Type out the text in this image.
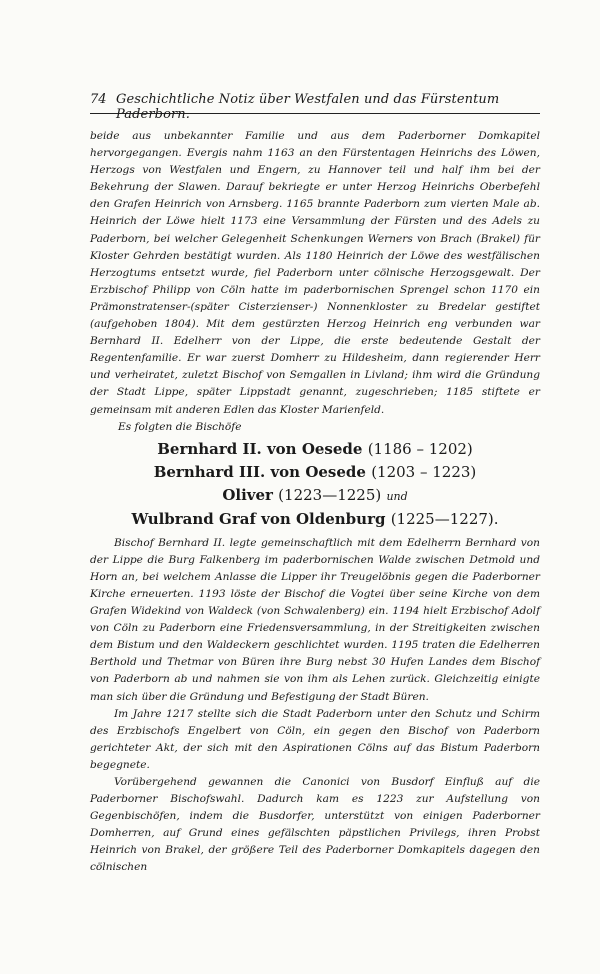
74 Geschichtliche Notiz über Westfalen und das Fürstentum Paderborn.

beide aus unbekannter Familie und aus dem Paderborner Domkapitel hervorgegangen. Evergis nahm 1163 an den Fürstentagen Heinrichs des Löwen, Herzogs von Westfalen und Engern, zu Hannover teil und half ihm bei der Bekehrung der Slawen. Darauf bekriegte er unter Herzog Heinrichs Oberbefehl den Grafen Heinrich von Arnsberg. 1165 brannte Paderborn zum vierten Male ab. Heinrich der Löwe hielt 1173 eine Versammlung der Fürsten und des Adels zu Paderborn, bei welcher Gelegenheit Schenkungen Werners von Brach (Brakel) für Kloster Gehrden bestätigt wurden. Als 1180 Heinrich der Löwe des westfälischen Herzogtums entsetzt wurde, fiel Paderborn unter cölnische Herzogsgewalt. Der Erzbischof Philipp von Cöln hatte im paderbornischen Sprengel schon 1170 ein Prämonstratenser-(später Cisterzienser-) Nonnenkloster zu Bredelar gestiftet (aufgehoben 1804). Mit dem gestürzten Herzog Heinrich eng verbunden war Bernhard II. Edelherr von der Lippe, die erste bedeutende Gestalt der Regentenfamilie. Er war zuerst Domherr zu Hildesheim, dann regierender Herr und verheiratet, zuletzt Bischof von Semgallen in Livland; ihm wird die Gründung der Stadt Lippe, später Lippstadt genannt, zugeschrieben; 1185 stiftete er gemeinsam mit anderen Edlen das Kloster Marienfeld.

Es folgten die Bischöfe

Bernhard II. von Oesede (1186 – 1202)
Bernhard III. von Oesede (1203 – 1223)
Oliver (1223—1225) und
Wulbrand Graf von Oldenburg (1225—1227).

Bischof Bernhard II. legte gemeinschaftlich mit dem Edelherrn Bernhard von der Lippe die Burg Falkenberg im paderbornischen Walde zwischen Detmold und Horn an, bei welchem Anlasse die Lipper ihr Treugelöbnis gegen die Paderborner Kirche erneuerten. 1193 löste der Bischof die Vogtei über seine Kirche von dem Grafen Widekind von Waldeck (von Schwalenberg) ein. 1194 hielt Erzbischof Adolf von Cöln zu Paderborn eine Friedensversammlung, in der Streitigkeiten zwischen dem Bistum und den Waldeckern geschlichtet wurden. 1195 traten die Edelherren Berthold und Thetmar von Büren ihre Burg nebst 30 Hufen Landes dem Bischof von Paderborn ab und nahmen sie von ihm als Lehen zurück. Gleichzeitig einigte man sich über die Gründung und Befestigung der Stadt Büren.

Im Jahre 1217 stellte sich die Stadt Paderborn unter den Schutz und Schirm des Erzbischofs Engelbert von Cöln, ein gegen den Bischof von Paderborn gerichteter Akt, der sich mit den Aspirationen Cölns auf das Bistum Paderborn begegnete.

Vorübergehend gewannen die Canonici von Busdorf Einfluß auf die Paderborner Bischofswahl. Dadurch kam es 1223 zur Aufstellung von Gegenbischöfen, indem die Busdorfer, unterstützt von einigen Paderborner Domherren, auf Grund eines gefälschten päpstlichen Privilegs, ihren Probst Heinrich von Brakel, der größere Teil des Paderborner Domkapitels dagegen den cölnischen
